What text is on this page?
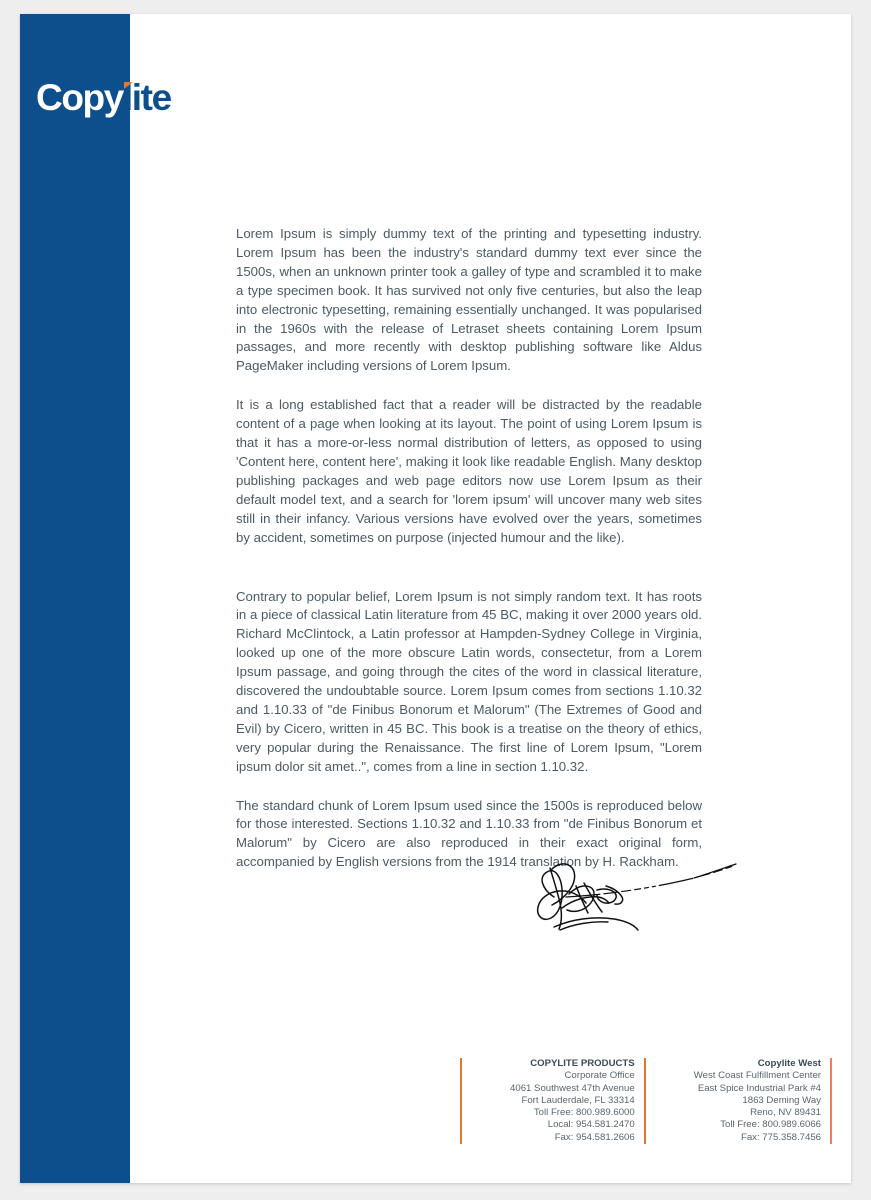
Copy
lite

Lorem Ipsum is simply dummy text of the printing and typesetting industry. Lorem Ipsum has been the industry's standard dummy text ever since the 1500s, when an unknown printer took a galley of type and scrambled it to make a type specimen book. It has survived not only five centuries, but also the leap into electronic typesetting, remaining essentially unchanged. It was popularised in the 1960s with the release of Letraset sheets containing Lorem Ipsum passages, and more recently with desktop publishing software like Aldus PageMaker including versions of Lorem Ipsum.

It is a long established fact that a reader will be distracted by the readable content of a page when looking at its layout. The point of using Lorem Ipsum is that it has a more-or-less normal distribution of letters, as opposed to using 'Content here, content here', making it look like readable English. Many desktop publishing packages and web page editors now use Lorem Ipsum as their default model text, and a search for 'lorem ipsum' will uncover many web sites still in their infancy. Various versions have evolved over the years, sometimes by accident, sometimes on purpose (injected humour and the like).

Contrary to popular belief, Lorem Ipsum is not simply random text. It has roots in a piece of classical Latin literature from 45 BC, making it over 2000 years old. Richard McClintock, a Latin professor at Hampden-Sydney College in Virginia, looked up one of the more obscure Latin words, consectetur, from a Lorem Ipsum passage, and going through the cites of the word in classical literature, discovered the undoubtable source. Lorem Ipsum comes from sections 1.10.32 and 1.10.33 of "de Finibus Bonorum et Malorum" (The Extremes of Good and Evil) by Cicero, written in 45 BC. This book is a treatise on the theory of ethics, very popular during the Renaissance. The first line of Lorem Ipsum, "Lorem ipsum dolor sit amet..", comes from a line in section 1.10.32.

The standard chunk of Lorem Ipsum used since the 1500s is reproduced below for those interested. Sections 1.10.32 and 1.10.33 from "de Finibus Bonorum et Malorum" by Cicero are also reproduced in their exact original form, accompanied by English versions from the 1914 translation by H. Rackham.

COPYLITE PRODUCTS
Corporate Office
4061 Southwest 47th Avenue
Fort Lauderdale, FL 33314
Toll Free: 800.989.6000
Local: 954.581.2470
Fax: 954.581.2606
Copylite West
West Coast Fulfillment Center
East Spice Industrial Park #4
1863 Deming Way
Reno, NV 89431
Toll Free: 800.989.6066
Fax: 775.358.7456
